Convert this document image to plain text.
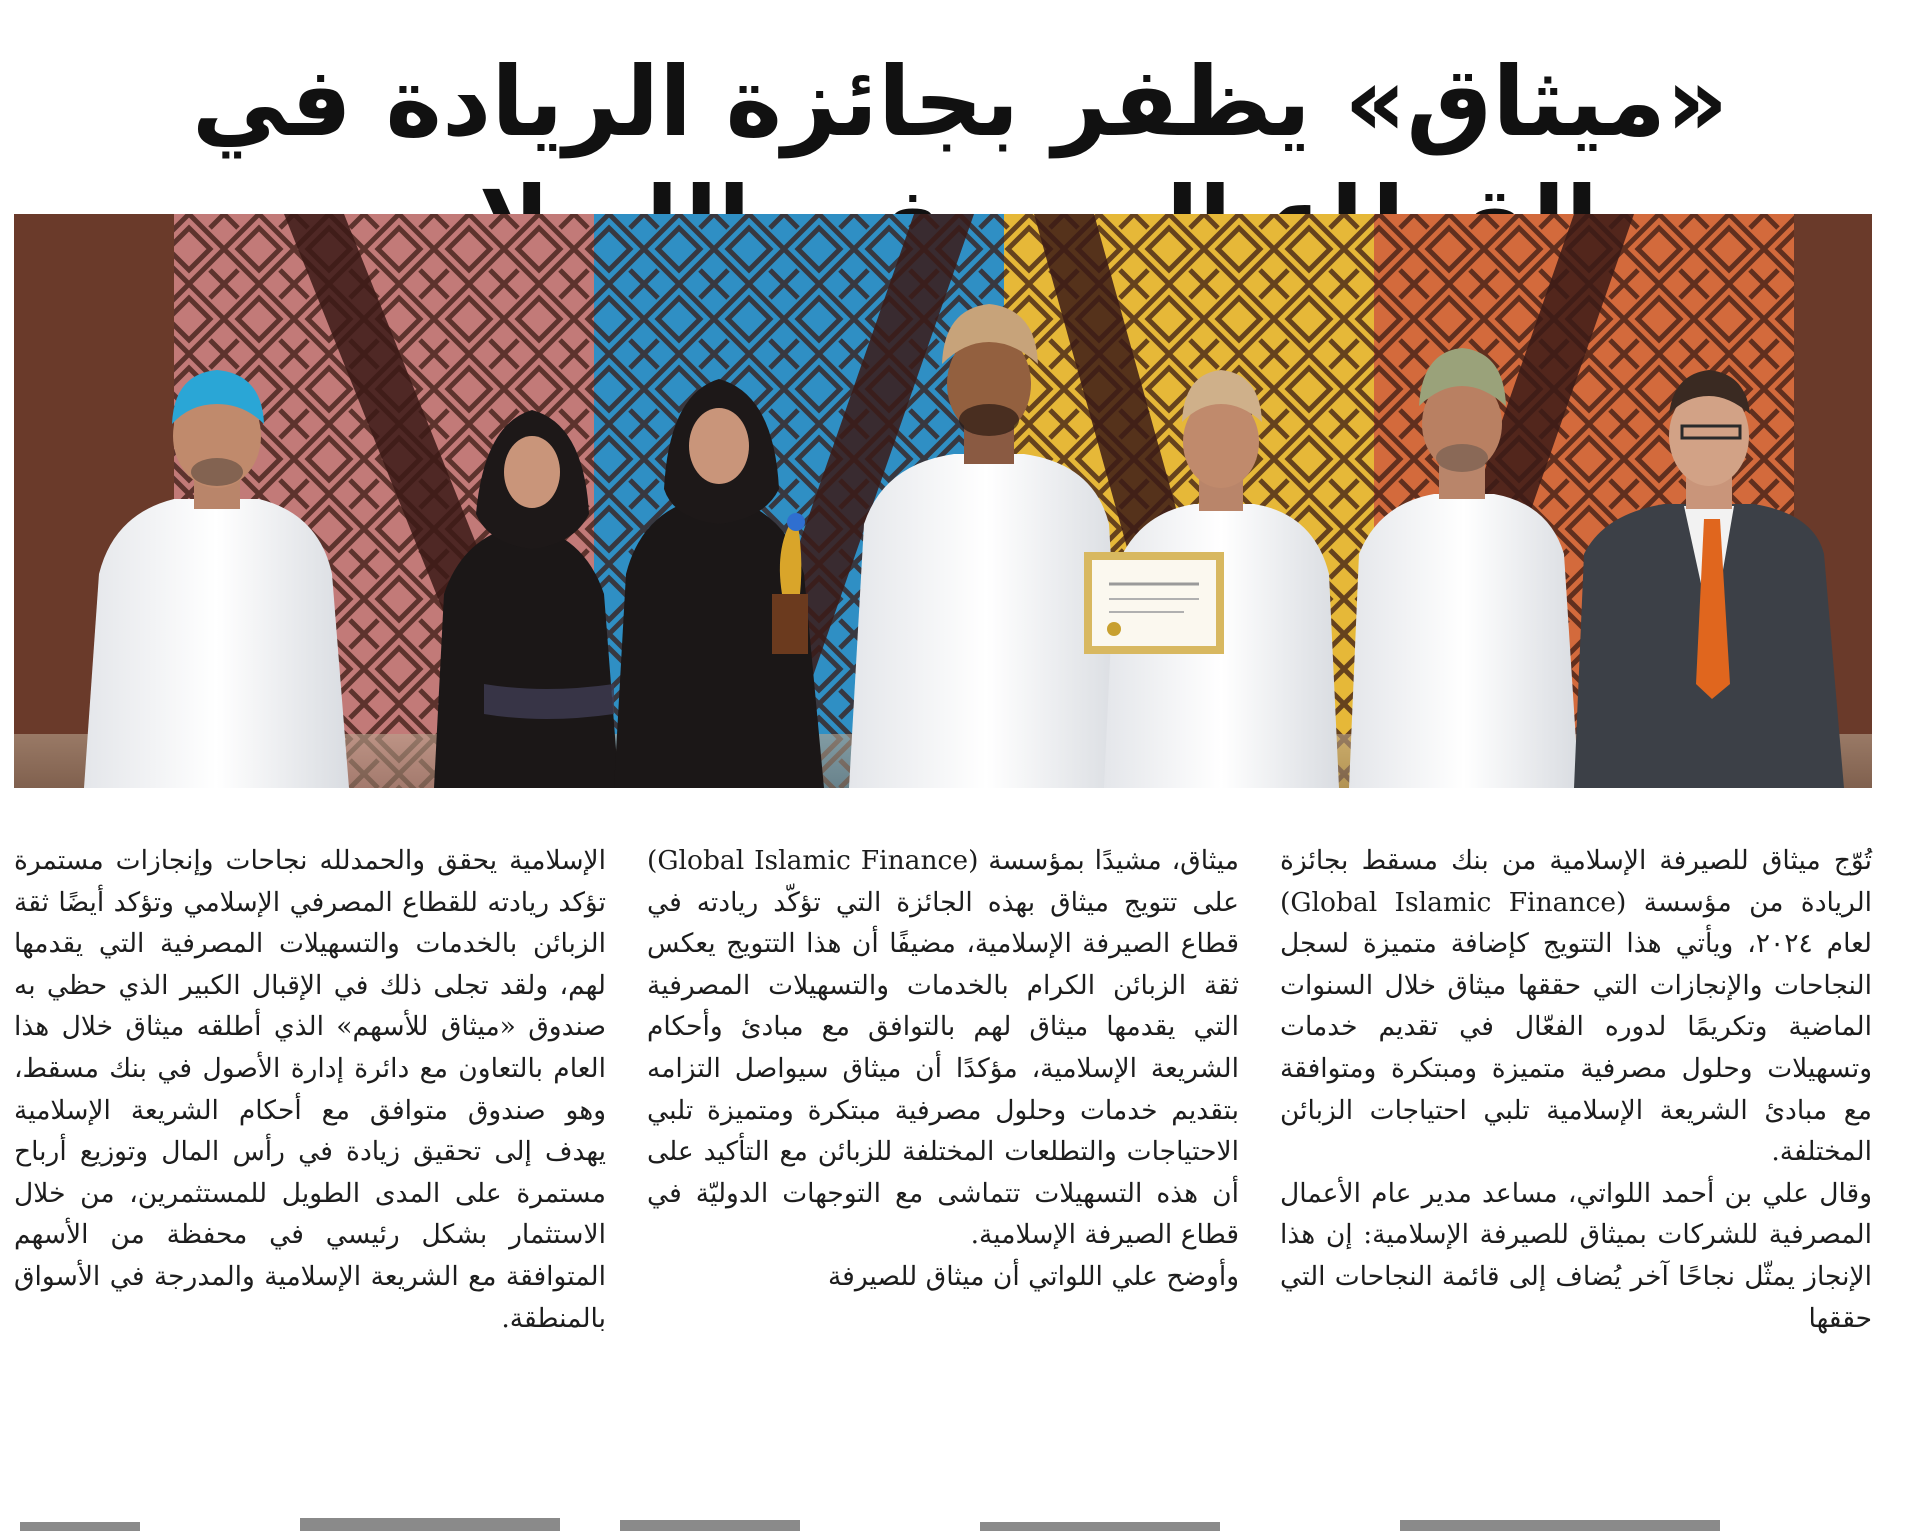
«ميثاق» يظفر بجائزة الريادة في

تُوّج ميثاق للصيرفة الإسلامية من بنك مسقط بجائزة الريادة من مؤسسة (Global Islamic Finance) لعام ٢٠٢٤، ويأتي هذا التتويج كإضافة متميزة لسجل النجاحات والإنجازات التي حققها ميثاق خلال السنوات الماضية وتكريمًا لدوره الفعّال في تقديم خدمات وتسهيلات وحلول مصرفية متميزة ومبتكرة ومتوافقة مع مبادئ الشريعة الإسلامية تلبي احتياجات الزبائن المختلفة.

وقال علي بن أحمد اللواتي، مساعد مدير عام الأعمال المصرفية للشركات بميثاق للصيرفة الإسلامية: إن هذا الإنجاز يمثّل نجاحًا آخر يُضاف إلى قائمة النجاحات التي حققها

ميثاق، مشيدًا بمؤسسة (Global Islamic Finance) على تتويج ميثاق بهذه الجائزة التي تؤكّد ريادته في قطاع الصيرفة الإسلامية، مضيفًا أن هذا التتويج يعكس ثقة الزبائن الكرام بالخدمات والتسهيلات المصرفية التي يقدمها ميثاق لهم بالتوافق مع مبادئ وأحكام الشريعة الإسلامية، مؤكدًا أن ميثاق سيواصل التزامه بتقديم خدمات وحلول مصرفية مبتكرة ومتميزة تلبي الاحتياجات والتطلعات المختلفة للزبائن مع التأكيد على أن هذه التسهيلات تتماشى مع التوجهات الدوليّة في قطاع الصيرفة الإسلامية.

وأوضح علي اللواتي أن ميثاق للصيرفة

الإسلامية يحقق والحمدلله نجاحات وإنجازات مستمرة تؤكد ريادته للقطاع المصرفي الإسلامي وتؤكد أيضًا ثقة الزبائن بالخدمات والتسهيلات المصرفية التي يقدمها لهم، ولقد تجلى ذلك في الإقبال الكبير الذي حظي به صندوق «ميثاق للأسهم» الذي أطلقه ميثاق خلال هذا العام بالتعاون مع دائرة إدارة الأصول في بنك مسقط، وهو صندوق متوافق مع أحكام الشريعة الإسلامية يهدف إلى تحقيق زيادة في رأس المال وتوزيع أرباح مستمرة على المدى الطويل للمستثمرين، من خلال الاستثمار بشكل رئيسي في محفظة من الأسهم المتوافقة مع الشريعة الإسلامية والمدرجة في الأسواق بالمنطقة.
